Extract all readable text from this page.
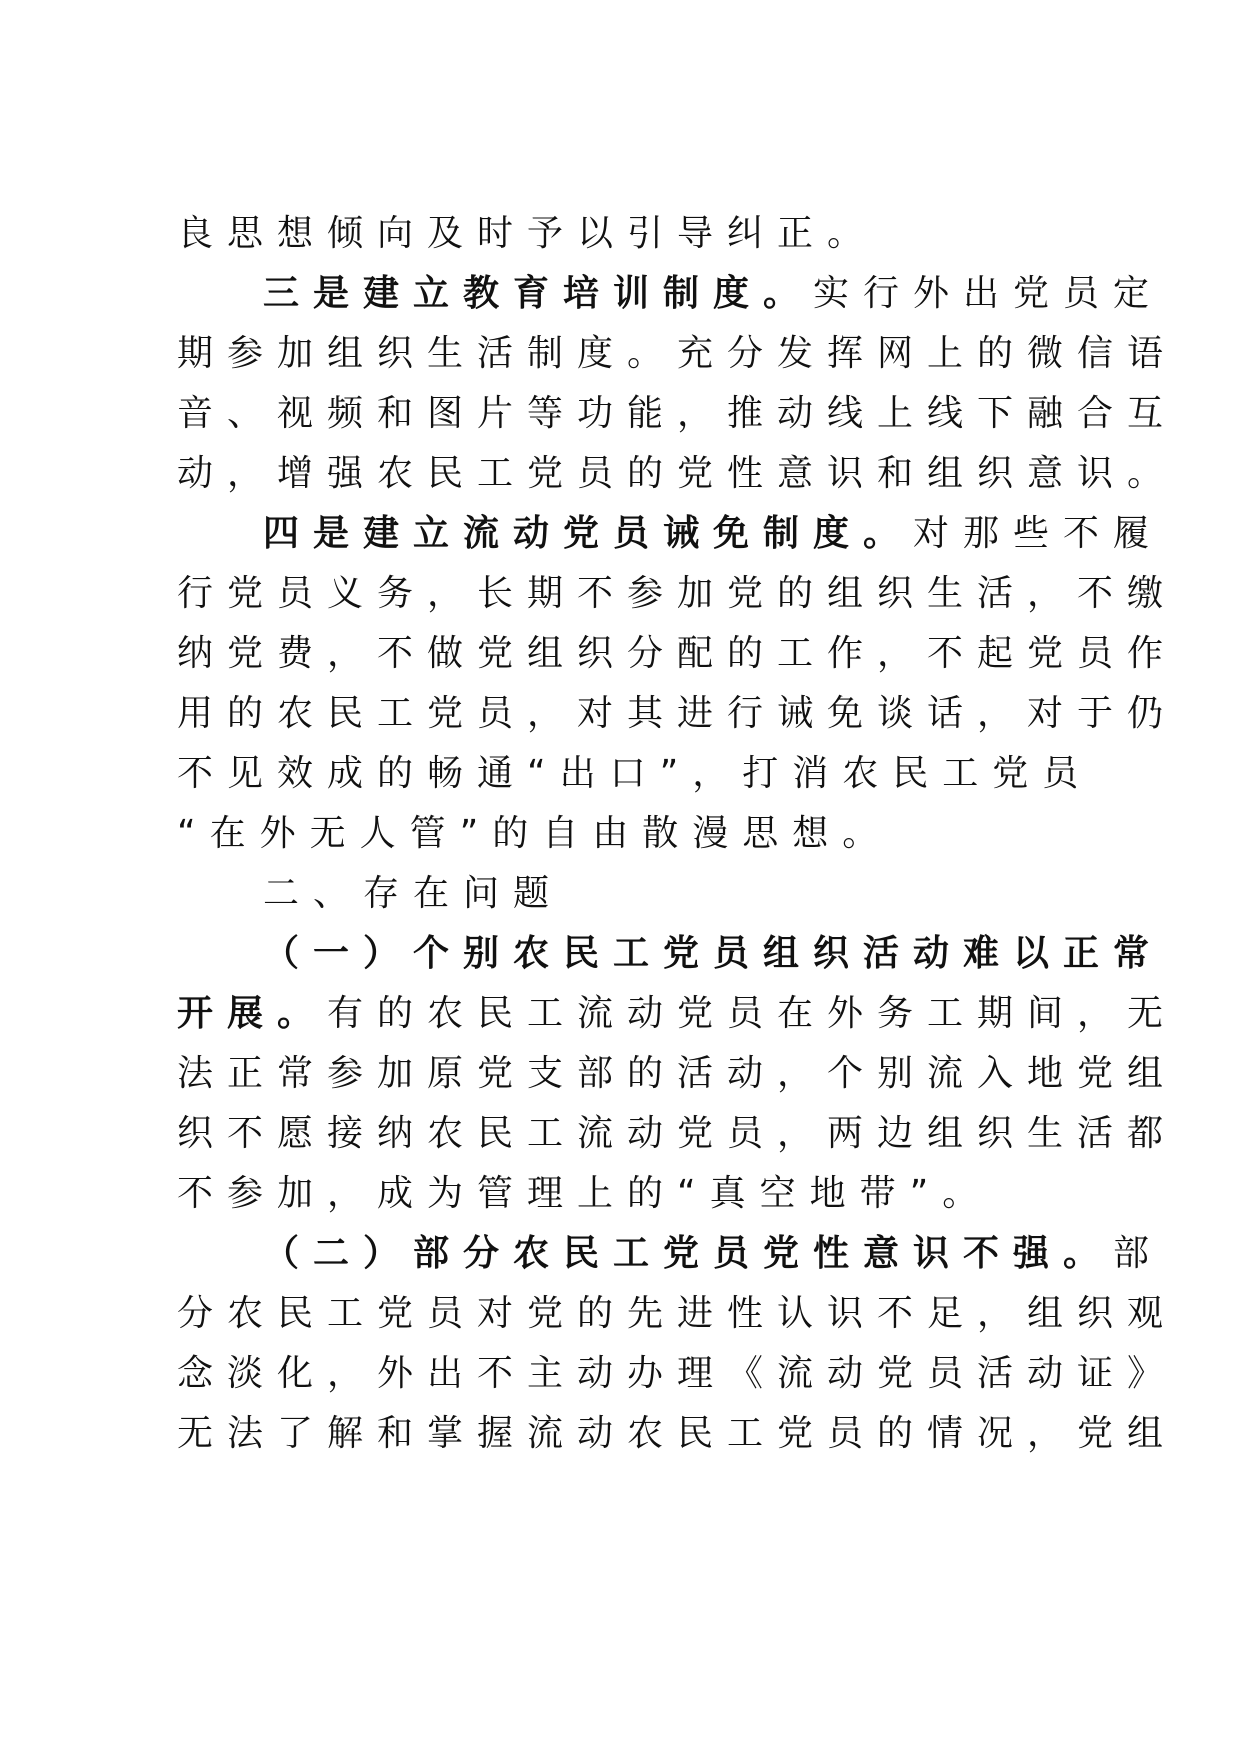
良思想倾向及时予以引导纠正。
三是建立教育培训制度。实行外出党员定
期参加组织生活制度。充分发挥网上的微信语
音、视频和图片等功能，推动线上线下融合互
动，增强农民工党员的党性意识和组织意识。
四是建立流动党员诫免制度。对那些不履
行党员义务，长期不参加党的组织生活，不缴
纳党费，不做党组织分配的工作，不起党员作
用的农民工党员，对其进行诫免谈话，对于仍
不见效成的畅通“出口”，打消农民工党员
“在外无人管”的自由散漫思想。
二、存在问题
（一）个别农民工党员组织活动难以正常
开展。有的农民工流动党员在外务工期间，无
法正常参加原党支部的活动，个别流入地党组
织不愿接纳农民工流动党员，两边组织生活都
不参加，成为管理上的“真空地带”。
（二）部分农民工党员党性意识不强。部
分农民工党员对党的先进性认识不足，组织观
念淡化，外出不主动办理《流动党员活动证》
无法了解和掌握流动农民工党员的情况，党组
